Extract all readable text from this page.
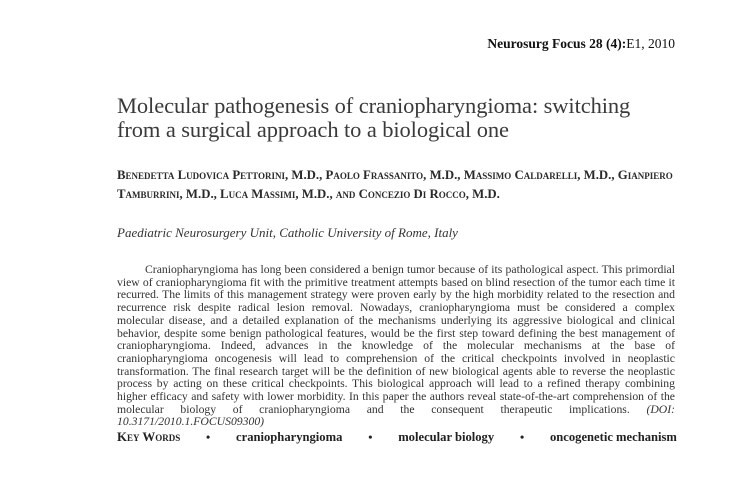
Neurosurg Focus 28 (4):E1, 2010
Molecular pathogenesis of craniopharyngioma: switching from a surgical approach to a biological one

Benedetta Ludovica Pettorini, M.D., Paolo Frassanito, M.D., Massimo Caldarelli, M.D., Gianpiero Tamburrini, M.D., Luca Massimi, M.D., and Concezio Di Rocco, M.D.

Paediatric Neurosurgery Unit, Catholic University of Rome, Italy

Craniopharyngioma has long been considered a benign tumor because of its pathological aspect. This primordial view of craniopharyngioma fit with the primitive treatment attempts based on blind resection of the tumor each time it recurred. The limits of this management strategy were proven early by the high morbidity related to the resection and recurrence risk despite radical lesion removal. Nowadays, craniopharyngioma must be considered a complex molecular disease, and a detailed explanation of the mechanisms underlying its aggressive biological and clinical behavior, despite some benign pathological features, would be the first step toward defining the best management of craniopharyngioma. Indeed, advances in the knowledge of the molecular mechanisms at the base of craniopharyngioma oncogenesis will lead to comprehension of the critical checkpoints involved in neoplastic transformation. The final research target will be the definition of new biological agents able to reverse the neoplastic process by acting on these critical checkpoints. This biological approach will lead to a refined therapy combining higher efficacy and safety with lower morbidity. In this paper the authors reveal state-of-the-art comprehension of the molecular biology of craniopharyngioma and the consequent therapeutic implications. (DOI: 10.3171/2010.1.FOCUS09300)

Key Words • craniopharyngioma • molecular biology • oncogenetic mechanism
